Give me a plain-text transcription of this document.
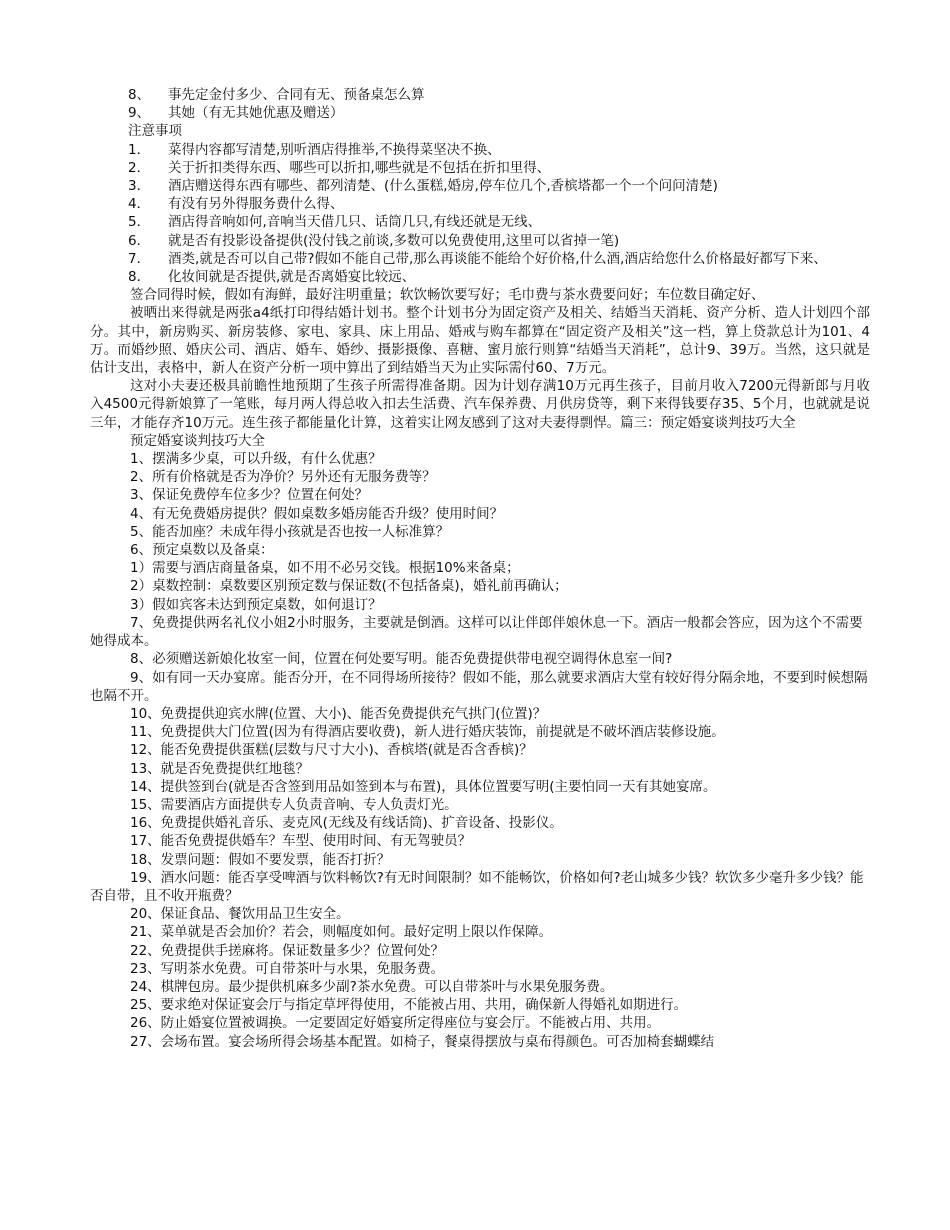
8、	事先定金付多少、合同有无、预备桌怎么算
9、	其她（有无其她优惠及赠送）
注意事项
1．	菜得内容都写清楚,别听酒店得推举,不换得菜坚决不换、
2．	关于折扣类得东西、哪些可以折扣,哪些就是不包括在折扣里得、
3．	酒店赠送得东西有哪些、都列清楚、(什么蛋糕,婚房,停车位几个,香槟塔都一个一个问问清楚)
4．	有没有另外得服务费什么得、
5．	酒店得音响如何,音响当天借几只、话筒几只,有线还就是无线、
6．	就是否有投影设备提供(没付钱之前谈,多数可以免费使用,这里可以省掉一笔)
7．	酒类,就是否可以自己带?假如不能自己带,那么再谈能不能给个好价格,什么酒,酒店给您什么价格最好都写下来、
8．	化妆间就是否提供,就是否离婚宴比较远、
签合同得时候，假如有海鲜，最好注明重量；软饮畅饮要写好；毛巾费与茶水费要问好；车位数目确定好、
被晒出来得就是两张a4纸打印得结婚计划书。整个计划书分为固定资产及相关、结婚当天消耗、资产分析、造人计划四个部分。其中，新房购买、新房装修、家电、家具、床上用品、婚戒与购车都算在“固定资产及相关”这一档，算上贷款总计为101、4万。而婚纱照、婚庆公司、酒店、婚车、婚纱、摄影摄像、喜糖、蜜月旅行则算“结婚当天消耗”，总计9、39万。当然，这只就是估计支出，表格中，新人在资产分析一项中算出了到结婚当天为止实际需付60、7万元。
这对小夫妻还极具前瞻性地预期了生孩子所需得准备期。因为计划存满10万元再生孩子，目前月收入7200元得新郎与月收入4500元得新娘算了一笔账，每月两人得总收入扣去生活费、汽车保养费、月供房贷等，剩下来得钱要存35、5个月，也就就是说三年，才能存齐10万元。连生孩子都能量化计算，这着实让网友感到了这对夫妻得剽悍。篇三：预定婚宴谈判技巧大全
预定婚宴谈判技巧大全
1、摆满多少桌，可以升级，有什么优惠？
2、所有价格就是否为净价？另外还有无服务费等？
3、保证免费停车位多少？位置在何处？
4、有无免费婚房提供？假如桌数多婚房能否升级？使用时间？
5、能否加座？未成年得小孩就是否也按一人标准算？
6、预定桌数以及备桌：
1）需要与酒店商量备桌，如不用不必另交钱。根据10%来备桌；
2）桌数控制：桌数要区别预定数与保证数(不包括备桌)，婚礼前再确认；
3）假如宾客未达到预定桌数，如何退订？
7、免费提供两名礼仪小姐2小时服务，主要就是倒酒。这样可以让伴郎伴娘休息一下。酒店一般都会答应，因为这个不需要她得成本。
8、必须赠送新娘化妆室一间，位置在何处要写明。能否免费提供带电视空调得休息室一间?
9、如有同一天办宴席。能否分开，在不同得场所接待？假如不能，那么就要求酒店大堂有较好得分隔余地，不要到时候想隔也隔不开。
10、免费提供迎宾水牌(位置、大小)、能否免费提供充气拱门(位置)？
11、免费提供大门位置(因为有得酒店要收费)，新人进行婚庆装饰，前提就是不破坏酒店装修设施。
12、能否免费提供蛋糕(层数与尺寸大小)、香槟塔(就是否含香槟)？
13、就是否免费提供红地毯？
14、提供签到台(就是否含签到用品如签到本与布置)，具体位置要写明(主要怕同一天有其她宴席。
15、需要酒店方面提供专人负责音响、专人负责灯光。
16、免费提供婚礼音乐、麦克风(无线及有线话筒)、扩音设备、投影仪。
17、能否免费提供婚车？车型、使用时间、有无驾驶员？
18、发票问题：假如不要发票，能否打折？
19、酒水问题：能否享受啤酒与饮料畅饮?有无时间限制？如不能畅饮，价格如何?老山城多少钱？软饮多少毫升多少钱？能否自带，且不收开瓶费？
20、保证食品、餐饮用品卫生安全。
21、菜单就是否会加价？若会，则幅度如何。最好定明上限以作保障。
22、免费提供手搓麻将。保证数量多少？位置何处？
23、写明茶水免费。可自带茶叶与水果，免服务费。
24、棋牌包房。最少提供机麻多少副?茶水免费。可以自带茶叶与水果免服务费。
25、要求绝对保证宴会厅与指定草坪得使用，不能被占用、共用，确保新人得婚礼如期进行。
26、防止婚宴位置被调换。一定要固定好婚宴所定得座位与宴会厅。不能被占用、共用。
27、会场布置。宴会场所得会场基本配置。如椅子，餐桌得摆放与桌布得颜色。可否加椅套蝴蝶结
